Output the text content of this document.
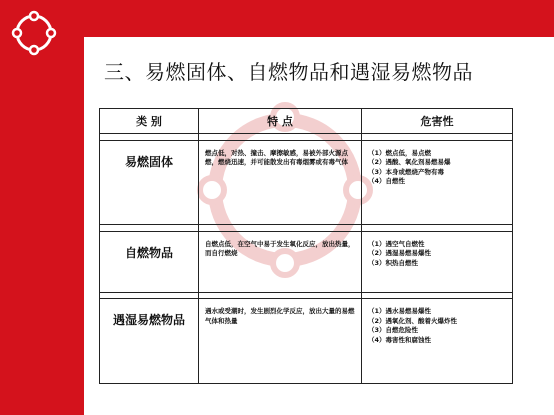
三、易燃固体、自燃物品和遇湿易燃物品
类 别	特 点	危害性

易燃固体	燃点低，对热、撞击、摩擦敏感，易被外部火源点燃，燃烧迅速，并可能散发出有毒烟雾或有毒气体	（1）燃点低，易点燃
（2）遇酸、氧化剂易燃易爆
（3）本身或燃烧产物有毒
（4）自燃性

自燃物品	自燃点低，在空气中易于发生氧化反应，放出热量，而自行燃烧	（1）遇空气自燃性
（2）遇湿易燃易爆性
（3）积热自燃性

遇湿易燃物品	遇水或受潮时，发生剧烈化学反应，放出大量的易燃气体和热量	（1）遇水易燃易爆性
（2）遇氧化剂、酸着火爆炸性
（3）自燃危险性
（4）毒害性和腐蚀性
